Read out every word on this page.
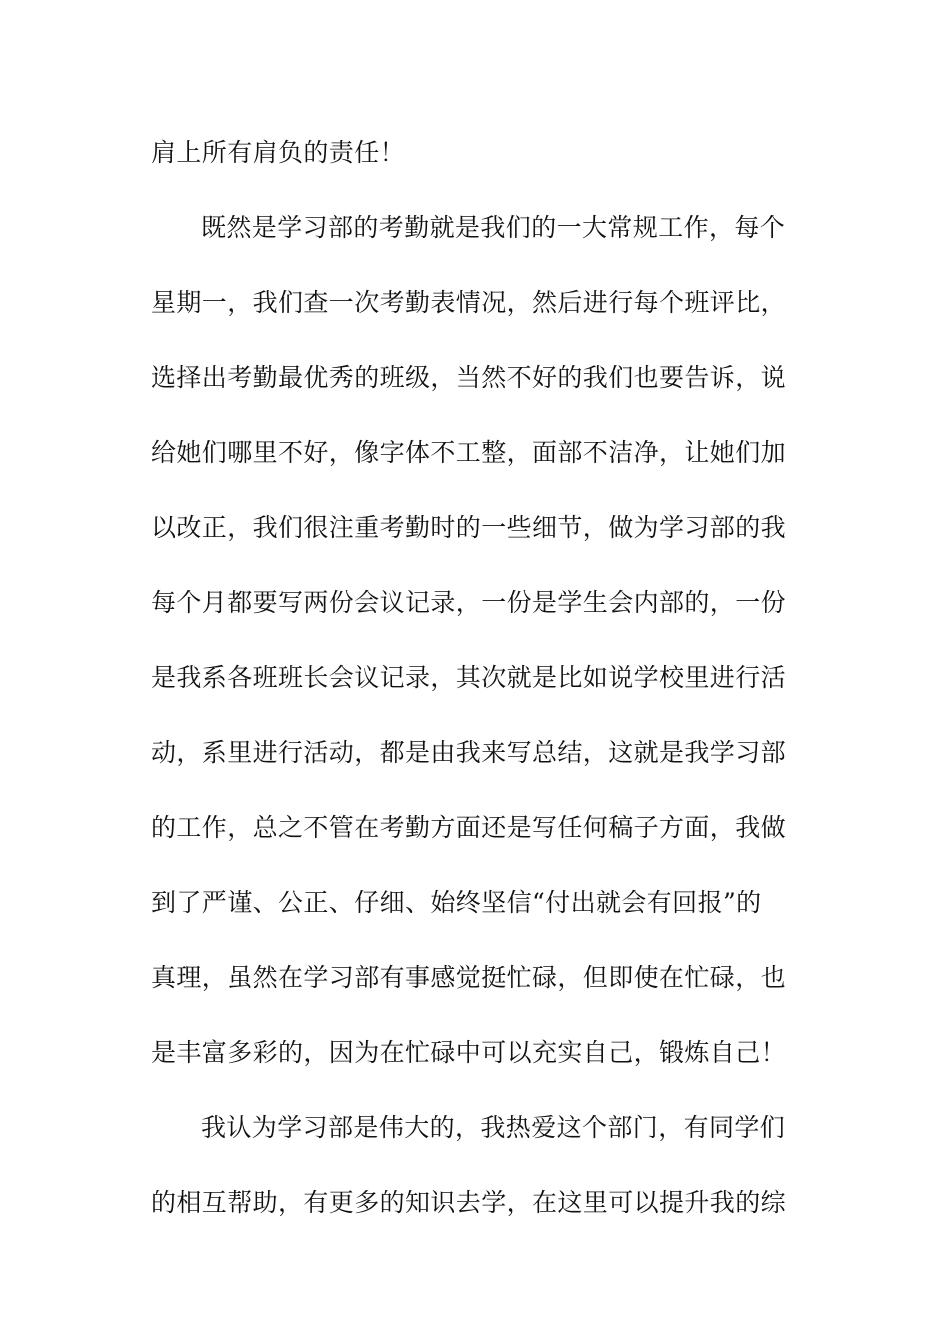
肩上所有肩负的责任！
既然是学习部的考勤就是我们的一大常规工作，每个
星期一，我们查一次考勤表情况，然后进行每个班评比，
选择出考勤最优秀的班级，当然不好的我们也要告诉，说
给她们哪里不好，像字体不工整，面部不洁净，让她们加
以改正，我们很注重考勤时的一些细节，做为学习部的我
每个月都要写两份会议记录，一份是学生会内部的，一份
是我系各班班长会议记录，其次就是比如说学校里进行活
动，系里进行活动，都是由我来写总结，这就是我学习部
的工作，总之不管在考勤方面还是写任何稿子方面，我做
到了严谨、公正、仔细、始终坚信“付出就会有回报”的
真理，虽然在学习部有事感觉挺忙碌，但即使在忙碌，也
是丰富多彩的，因为在忙碌中可以充实自己，锻炼自己！
我认为学习部是伟大的，我热爱这个部门，有同学们
的相互帮助，有更多的知识去学，在这里可以提升我的综
